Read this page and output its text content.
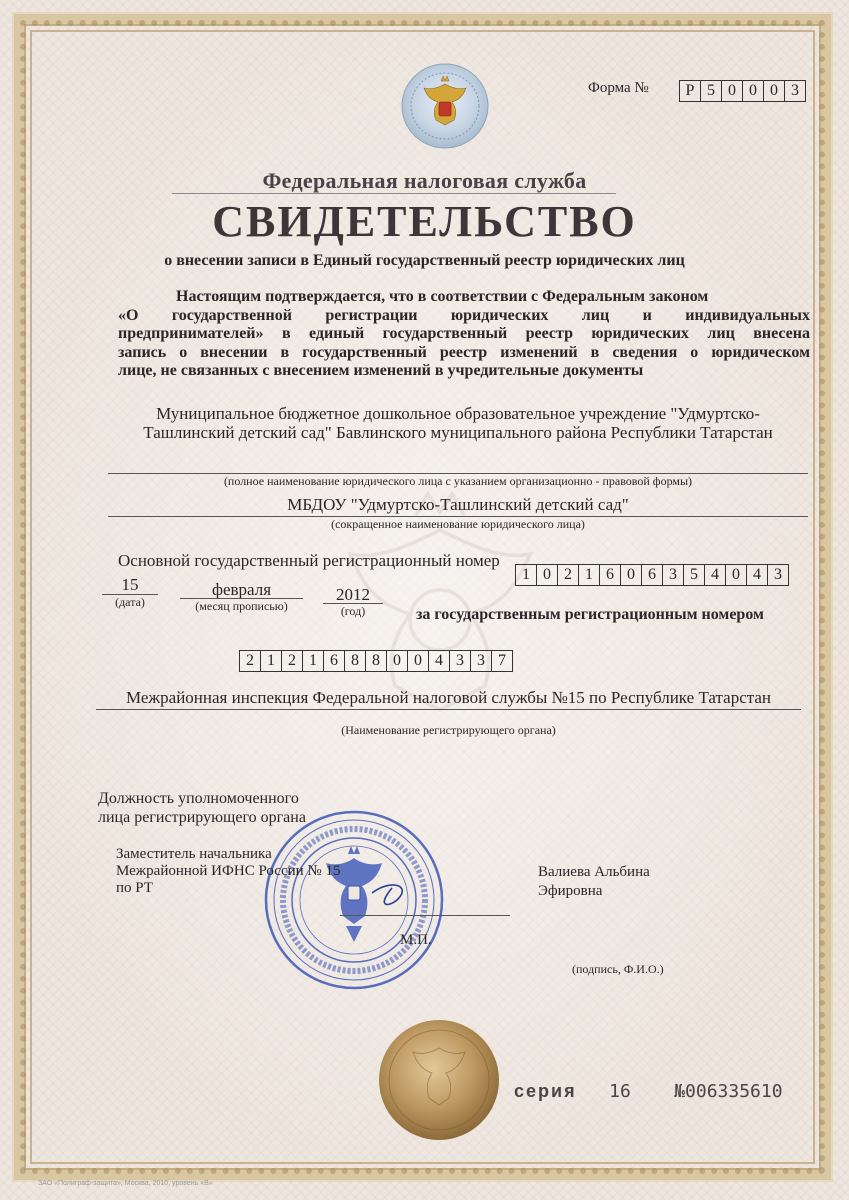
Форма №	Р 5 0 0 0 3
Федеральная налоговая служба
СВИДЕТЕЛЬСТВО
о внесении записи в Единый государственный реестр юридических лиц

Настоящим подтверждается, что в соответствии с Федеральным законом

«О государственной регистрации юридических лиц и индивидуальных
предпринимателей» в единый государственный реестр юридических лиц внесена
запись о внесении в государственный реестр изменений в сведения о юридическом
лице, не связанных с внесением изменений в учредительные документы
Муниципальное бюджетное дошкольное образовательное учреждение "Удмуртско-
Ташлинский детский сад" Бавлинского муниципального района Республики Татарстан
(полное наименование юридического лица с указанием организационно - правовой формы)
МБДОУ "Удмуртско-Ташлинский детский сад"
(сокращенное наименование юридического лица)
Основной государственный регистрационный номер
1 0 2 1 6 0 6 3 5 4 0 4 3
15
(дата)
февраля
(месяц прописью)
2012
(год)	за государственным регистрационным номером
2 1 2 1 6 8 8 0 0 4 3 3 7
Межрайонная инспекция Федеральной налоговой службы №15 по Республике Татарстан
(Наименование регистрирующего органа)
Должность уполномоченного
лица регистрирующего органа
Заместитель начальника
Межрайонной ИФНС России № 15
по РТ
Валиева Альбина
Эфировна
М.П.
(подпись, Ф.И.О.)
серия 16 №006335610
ЗАО «Полиграф-защита», Москва, 2010, уровень «В»
